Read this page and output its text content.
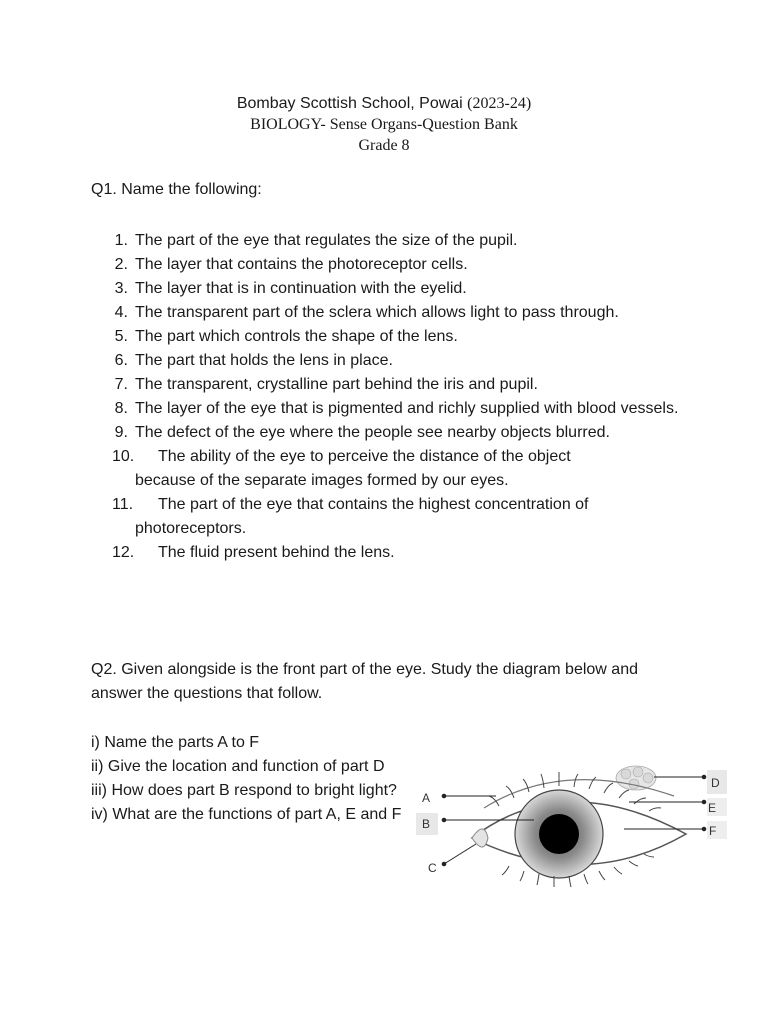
Bombay Scottish School, Powai (2023-24)
BIOLOGY- Sense Organs-Question Bank
Grade 8
Q1. Name the following:
1. The part of the eye that regulates the size of the pupil.
2. The layer that contains the photoreceptor cells.
3. The layer that is in continuation with the eyelid.
4. The transparent part of the sclera which allows light to pass through.
5. The part which controls the shape of the lens.
6. The part that holds the lens in place.
7. The transparent, crystalline part behind the iris and pupil.
8. The layer of the eye that is pigmented and richly supplied with blood vessels.
9. The defect of the eye where the people see nearby objects blurred.
10.	The ability of the eye to perceive the distance of the object
because of the separate images formed by our eyes.
11.	The part of the eye that contains the highest concentration of
photoreceptors.
12.	The fluid present behind the lens.
Q2. Given alongside is the front part of the eye. Study the diagram below and answer the questions that follow.
i) Name the parts A to F
ii) Give the location and function of part D
iii) How does part B respond to bright light?
iv) What are the functions of part A, E and F
A
B
C
D
E
F
